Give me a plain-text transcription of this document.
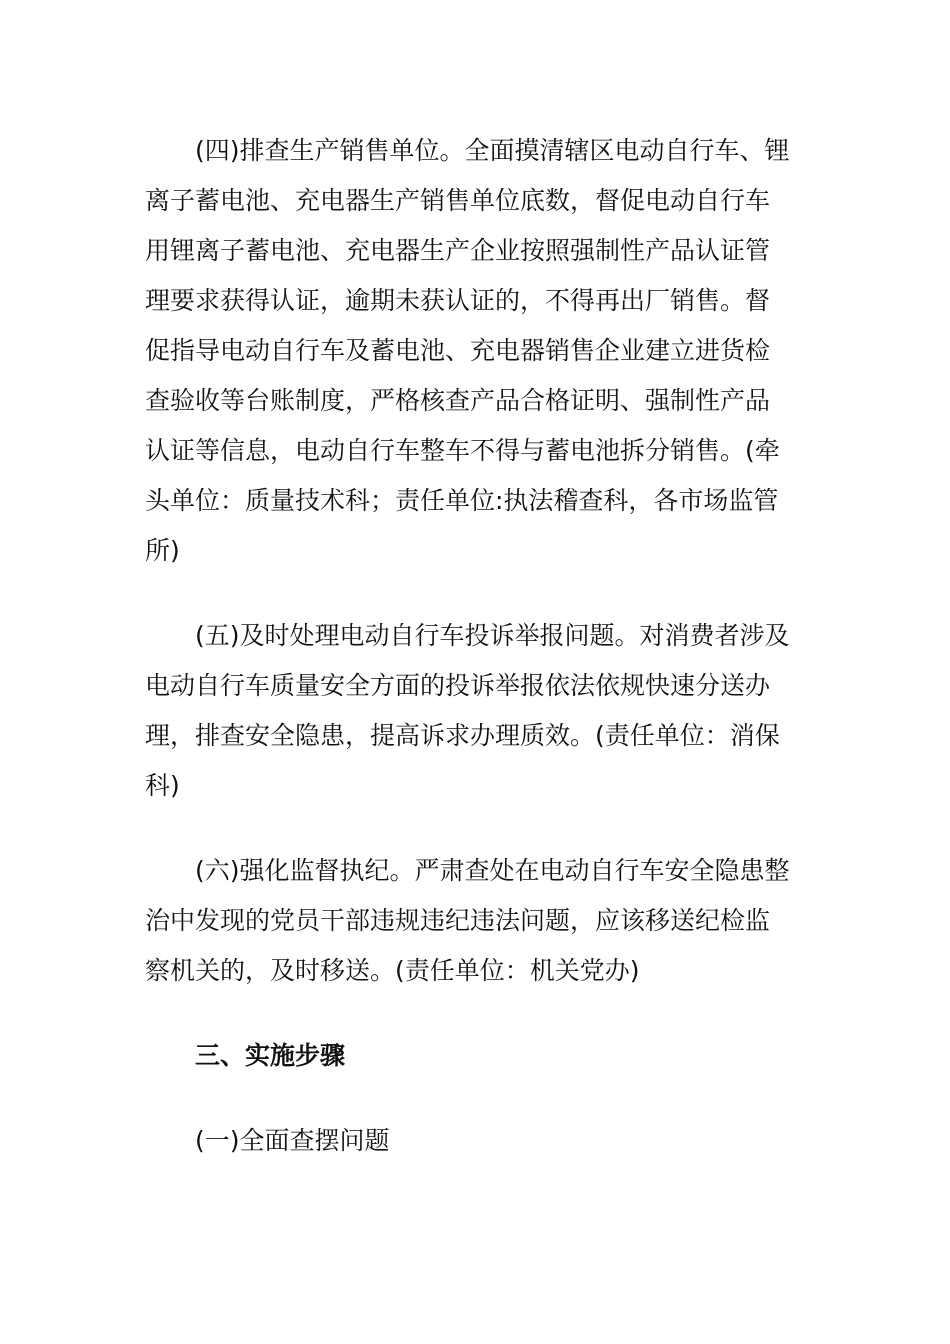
(四)排查生产销售单位。全面摸清辖区电动自行车、锂
离子蓄电池、充电器生产销售单位底数，督促电动自行车
用锂离子蓄电池、充电器生产企业按照强制性产品认证管
理要求获得认证，逾期未获认证的，不得再出厂销售。督
促指导电动自行车及蓄电池、充电器销售企业建立进货检
查验收等台账制度，严格核查产品合格证明、强制性产品
认证等信息，电动自行车整车不得与蓄电池拆分销售。(牵
头单位：质量技术科；责任单位:执法稽查科，各市场监管
所)
(五)及时处理电动自行车投诉举报问题。对消费者涉及
电动自行车质量安全方面的投诉举报依法依规快速分送办
理，排查安全隐患，提高诉求办理质效。(责任单位：消保
科)
(六)强化监督执纪。严肃查处在电动自行车安全隐患整
治中发现的党员干部违规违纪违法问题，应该移送纪检监
察机关的，及时移送。(责任单位：机关党办)
三、实施步骤
(一)全面查摆问题
